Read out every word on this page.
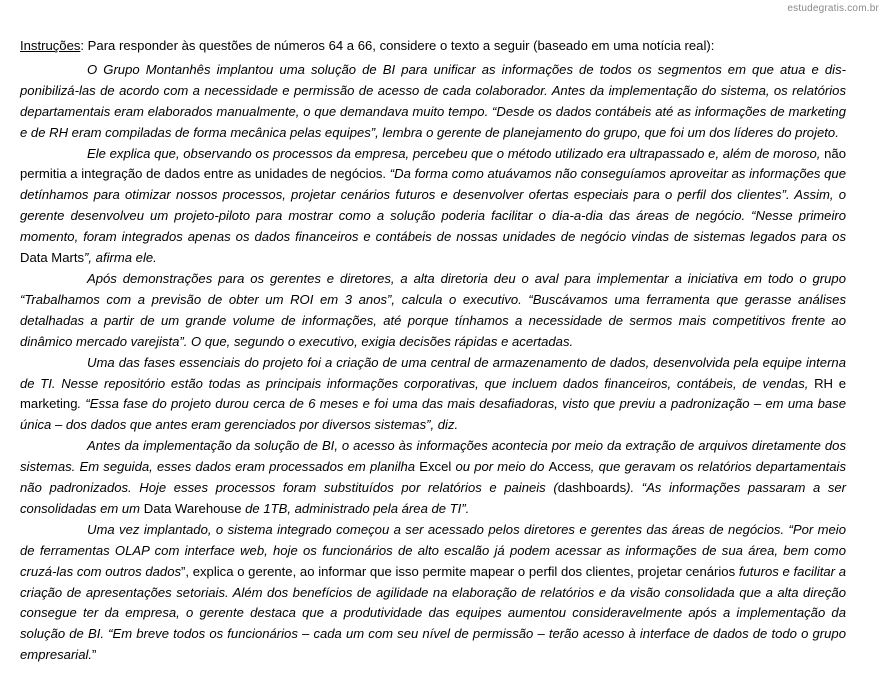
estudegratis.com.br

Instruções: Para responder às questões de números 64 a 66, considere o texto a seguir (baseado em uma notícia real):

O Grupo Montanhês implantou uma solução de BI para unificar as informações de todos os segmentos em que atua e disponibilizá-las de acordo com a necessidade e permissão de acesso de cada colaborador. Antes da implementação do sistema, os relatórios departamentais eram elaborados manualmente, o que demandava muito tempo. “Desde os dados contábeis até as informações de marketing e de RH eram compiladas de forma mecânica pelas equipes”, lembra o gerente de planejamento do grupo, que foi um dos líderes do projeto.

Ele explica que, observando os processos da empresa, percebeu que o método utilizado era ultrapassado e, além de moroso, não permitia a integração de dados entre as unidades de negócios. “Da forma como atuávamos não conseguíamos aproveitar as informações que detínhamos para otimizar nossos processos, projetar cenários futuros e desenvolver ofertas especiais para o perfil dos clientes”. Assim, o gerente desenvolveu um projeto-piloto para mostrar como a solução poderia facilitar o dia-a-dia das áreas de negócio. “Nesse primeiro momento, foram integrados apenas os dados financeiros e contábeis de nossas unidades de negócio vindas de sistemas legados para os Data Marts”, afirma ele.

Após demonstrações para os gerentes e diretores, a alta diretoria deu o aval para implementar a iniciativa em todo o grupo “Trabalhamos com a previsão de obter um ROI em 3 anos”, calcula o executivo. “Buscávamos uma ferramenta que gerasse análises detalhadas a partir de um grande volume de informações, até porque tínhamos a necessidade de sermos mais competitivos frente ao dinâmico mercado varejista”. O que, segundo o executivo, exigia decisões rápidas e acertadas.

Uma das fases essenciais do projeto foi a criação de uma central de armazenamento de dados, desenvolvida pela equipe interna de TI. Nesse repositório estão todas as principais informações corporativas, que incluem dados financeiros, contábeis, de vendas, RH e marketing. “Essa fase do projeto durou cerca de 6 meses e foi uma das mais desafiadoras, visto que previu a padronização – em uma base única – dos dados que antes eram gerenciados por diversos sistemas”, diz.

Antes da implementação da solução de BI, o acesso às informações acontecia por meio da extração de arquivos diretamente dos sistemas. Em seguida, esses dados eram processados em planilha Excel ou por meio do Access, que geravam os relatórios departamentais não padronizados. Hoje esses processos foram substituídos por relatórios e paineis (dashboards). “As informações passaram a ser consolidadas em um Data Warehouse de 1TB, administrado pela área de TI”.

Uma vez implantado, o sistema integrado começou a ser acessado pelos diretores e gerentes das áreas de negócios. “Por meio de ferramentas OLAP com interface web, hoje os funcionários de alto escalão já podem acessar as informações de sua área, bem como cruzá-las com outros dados”, explica o gerente, ao informar que isso permite mapear o perfil dos clientes, projetar cenários futuros e facilitar a criação de apresentações setoriais. Além dos benefícios de agilidade na elaboração de relatórios e da visão consolidada que a alta direção consegue ter da empresa, o gerente destaca que a produtividade das equipes aumentou consideravelmente após a implementação da solução de BI. “Em breve todos os funcionários – cada um com seu nível de permissão – terão acesso à interface de dados de todo o grupo empresarial.”
